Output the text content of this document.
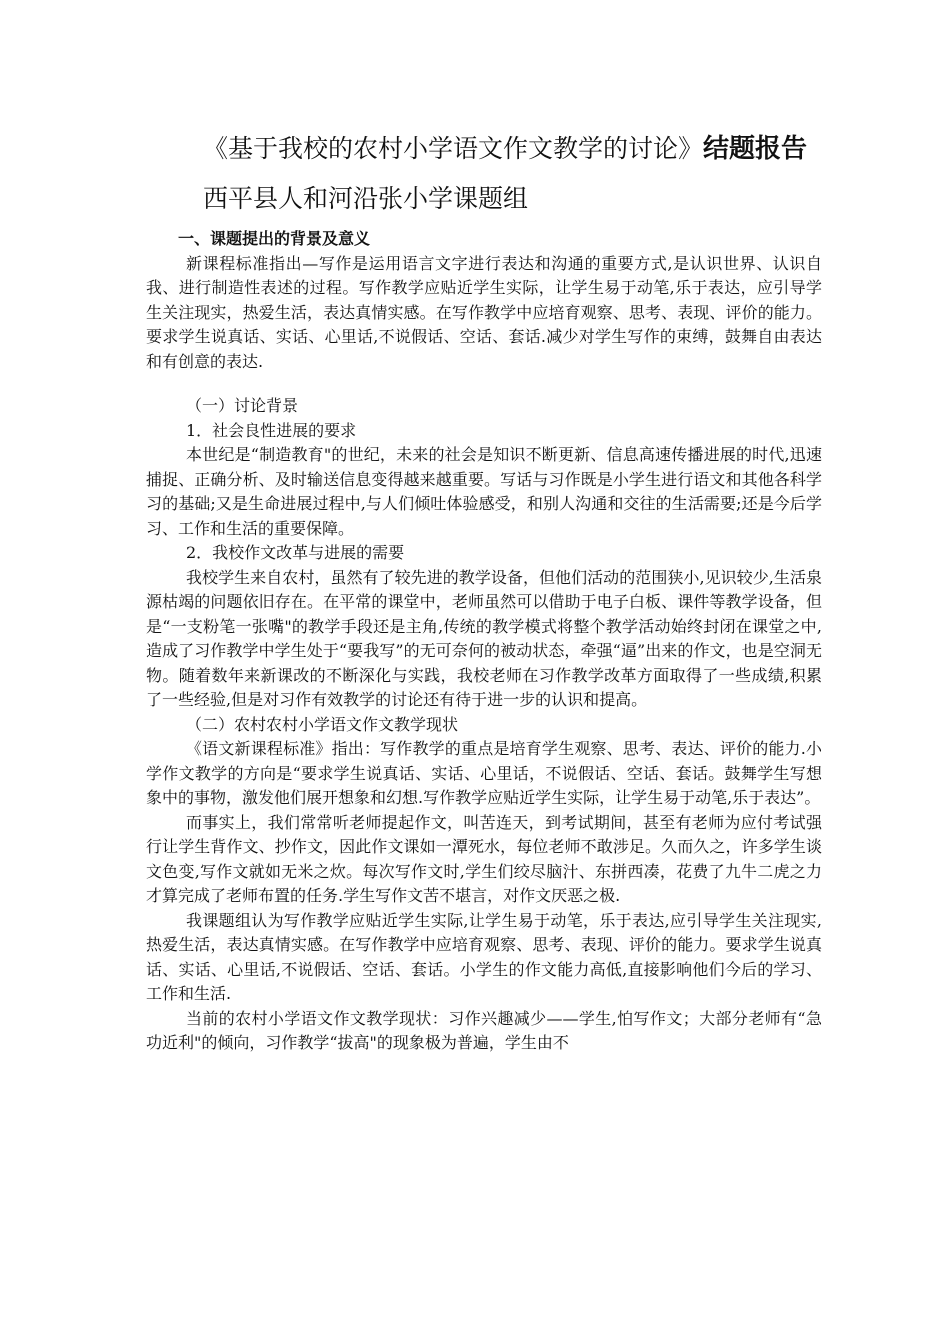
《基于我校的农村小学语文作文教学的讨论》结题报告
西平县人和河沿张小学课题组

一、课题提出的背景及意义

新课程标准指出—写作是运用语言文字进行表达和沟通的重要方式,是认识世界、认识自我、进行制造性表述的过程。写作教学应贴近学生实际，让学生易于动笔,乐于表达，应引导学生关注现实，热爱生活，表达真情实感。在写作教学中应培育观察、思考、表现、评价的能力。要求学生说真话、实话、心里话,不说假话、空话、套话.减少对学生写作的束缚，鼓舞自由表达和有创意的表达.

（一）讨论背景

1．社会良性进展的要求

本世纪是“制造教育"的世纪，未来的社会是知识不断更新、信息高速传播进展的时代,迅速捕捉、正确分析、及时输送信息变得越来越重要。写话与习作既是小学生进行语文和其他各科学习的基础;又是生命进展过程中,与人们倾吐体验感受，和别人沟通和交往的生活需要;还是今后学习、工作和生活的重要保障。

2．我校作文改革与进展的需要

我校学生来自农村，虽然有了较先进的教学设备，但他们活动的范围狭小,见识较少,生活泉源枯竭的问题依旧存在。在平常的课堂中，老师虽然可以借助于电子白板、课件等教学设备，但是“一支粉笔一张嘴"的教学手段还是主角,传统的教学模式将整个教学活动始终封闭在课堂之中,造成了习作教学中学生处于“要我写”的无可奈何的被动状态，牵强“逼”出来的作文，也是空洞无物。随着数年来新课改的不断深化与实践，我校老师在习作教学改革方面取得了一些成绩,积累了一些经验,但是对习作有效教学的讨论还有待于进一步的认识和提高。

（二）农村农村小学语文作文教学现状

《语文新课程标准》指出：写作教学的重点是培育学生观察、思考、表达、评价的能力.小学作文教学的方向是“要求学生说真话、实话、心里话，不说假话、空话、套话。鼓舞学生写想象中的事物，激发他们展开想象和幻想.写作教学应贴近学生实际，让学生易于动笔,乐于表达”。

而事实上，我们常常听老师提起作文，叫苦连天，到考试期间，甚至有老师为应付考试强行让学生背作文、抄作文，因此作文课如一潭死水，每位老师不敢涉足。久而久之，许多学生谈文色变,写作文就如无米之炊。每次写作文时,学生们绞尽脑汁、东拼西凑，花费了九牛二虎之力才算完成了老师布置的任务.学生写作文苦不堪言，对作文厌恶之极.

我课题组认为写作教学应贴近学生实际,让学生易于动笔，乐于表达,应引导学生关注现实,热爱生活，表达真情实感。在写作教学中应培育观察、思考、表现、评价的能力。要求学生说真话、实话、心里话,不说假话、空话、套话。小学生的作文能力高低,直接影响他们今后的学习、工作和生活.

当前的农村小学语文作文教学现状：习作兴趣减少——学生,怕写作文；大部分老师有“急功近利"的倾向，习作教学“拔高"的现象极为普遍，学生由不
